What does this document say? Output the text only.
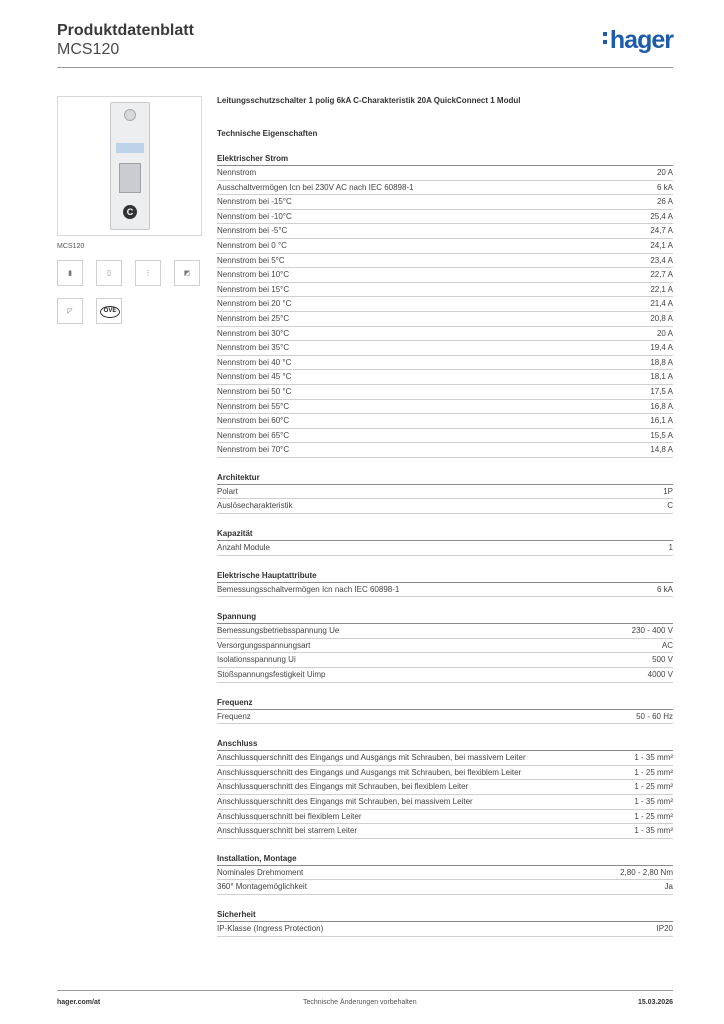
Produktdatenblatt
MCS120	hager
C
MCS120
▮	▯	⋮	◩
◸	ÖVE
Leitungsschutzschalter 1 polig 6kA C-Charakteristik 20A QuickConnect 1 Modul
Technische Eigenschaften
Elektrischer Strom
Nennstrom	20 A
Ausschaltvermögen Icn bei 230V AC nach IEC 60898-1	6 kA
Nennstrom bei -15°C	26 A
Nennstrom bei -10°C	25,4 A
Nennstrom bei -5°C	24,7 A
Nennstrom bei 0 °C	24,1 A
Nennstrom bei 5°C	23,4 A
Nennstrom bei 10°C	22,7 A
Nennstrom bei 15°C	22,1 A
Nennstrom bei 20 °C	21,4 A
Nennstrom bei 25°C	20,8 A
Nennstrom bei 30°C	20 A
Nennstrom bei 35°C	19,4 A
Nennstrom bei 40 °C	18,8 A
Nennstrom bei 45 °C	18,1 A
Nennstrom bei 50 °C	17,5 A
Nennstrom bei 55°C	16,8 A
Nennstrom bei 60°C	16,1 A
Nennstrom bei 65°C	15,5 A
Nennstrom bei 70°C	14,8 A
Architektur
Polart	1P
Auslösecharakteristik	C
Kapazität
Anzahl Module	1
Elektrische Hauptattribute
Bemessungsschaltvermögen Icn nach IEC 60898-1	6 kA
Spannung
Bemessungsbetriebsspannung Ue	230 - 400 V
Versorgungsspannungsart	AC
Isolationsspannung Ui	500 V
Stoßspannungsfestigkeit Uimp	4000 V
Frequenz
Frequenz	50 - 60 Hz
Anschluss
Anschlussquerschnitt des Eingangs und Ausgangs mit Schrauben, bei massivem Leiter	1 - 35 mm²
Anschlussquerschnitt des Eingangs und Ausgangs mit Schrauben, bei flexiblem Leiter	1 - 25 mm²
Anschlussquerschnitt des Eingangs mit Schrauben, bei flexiblem Leiter	1 - 25 mm²
Anschlussquerschnitt des Eingangs mit Schrauben, bei massivem Leiter	1 - 35 mm²
Anschlussquerschnitt bei flexiblem Leiter	1 - 25 mm²
Anschlussquerschnitt bei starrem Leiter	1 - 35 mm²
Installation, Montage
Nominales Drehmoment	2,80 - 2,80 Nm
360° Montagemöglichkeit	Ja
Sicherheit
IP-Klasse (Ingress Protection)	IP20
hager.com/at	Technische Änderungen vorbehalten	15.03.2026
